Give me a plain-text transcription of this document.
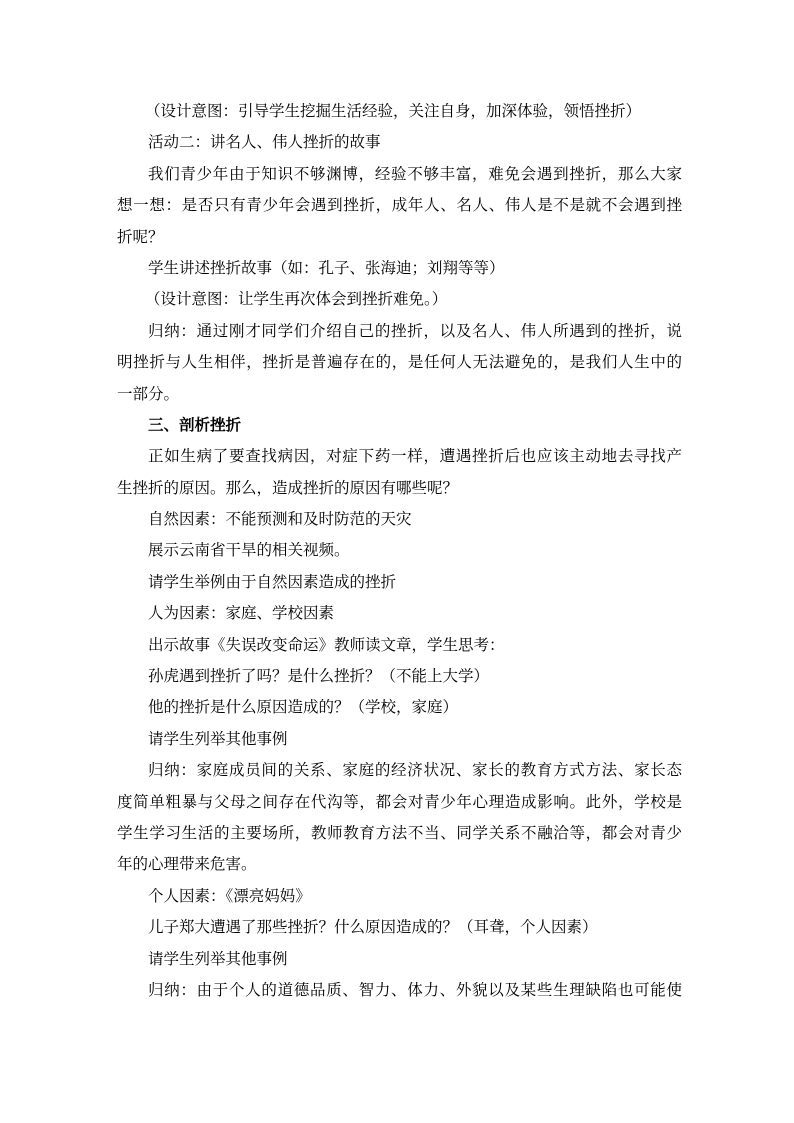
（设计意图：引导学生挖掘生活经验，关注自身，加深体验，领悟挫折）
活动二：讲名人、伟人挫折的故事
我们青少年由于知识不够渊博，经验不够丰富，难免会遇到挫折，那么大家
想一想：是否只有青少年会遇到挫折，成年人、名人、伟人是不是就不会遇到挫
折呢？
学生讲述挫折故事（如：孔子、张海迪；刘翔等等）
（设计意图：让学生再次体会到挫折难免。）
归纳：通过刚才同学们介绍自己的挫折，以及名人、伟人所遇到的挫折，说
明挫折与人生相伴，挫折是普遍存在的，是任何人无法避免的，是我们人生中的
一部分。
三、剖析挫折
正如生病了要查找病因，对症下药一样，遭遇挫折后也应该主动地去寻找产
生挫折的原因。那么，造成挫折的原因有哪些呢？
自然因素：不能预测和及时防范的天灾
展示云南省干旱的相关视频。
请学生举例由于自然因素造成的挫折
人为因素：家庭、学校因素
出示故事《失误改变命运》教师读文章，学生思考：
孙虎遇到挫折了吗？是什么挫折？（不能上大学）
他的挫折是什么原因造成的？（学校，家庭）
请学生列举其他事例
归纳：家庭成员间的关系、家庭的经济状况、家长的教育方式方法、家长态
度简单粗暴与父母之间存在代沟等，都会对青少年心理造成影响。此外，学校是
学生学习生活的主要场所，教师教育方法不当、同学关系不融洽等，都会对青少
年的心理带来危害。
个人因素：《漂亮妈妈》
儿子郑大遭遇了那些挫折？什么原因造成的？（耳聋，个人因素）
请学生列举其他事例
归纳：由于个人的道德品质、智力、体力、外貌以及某些生理缺陷也可能使
